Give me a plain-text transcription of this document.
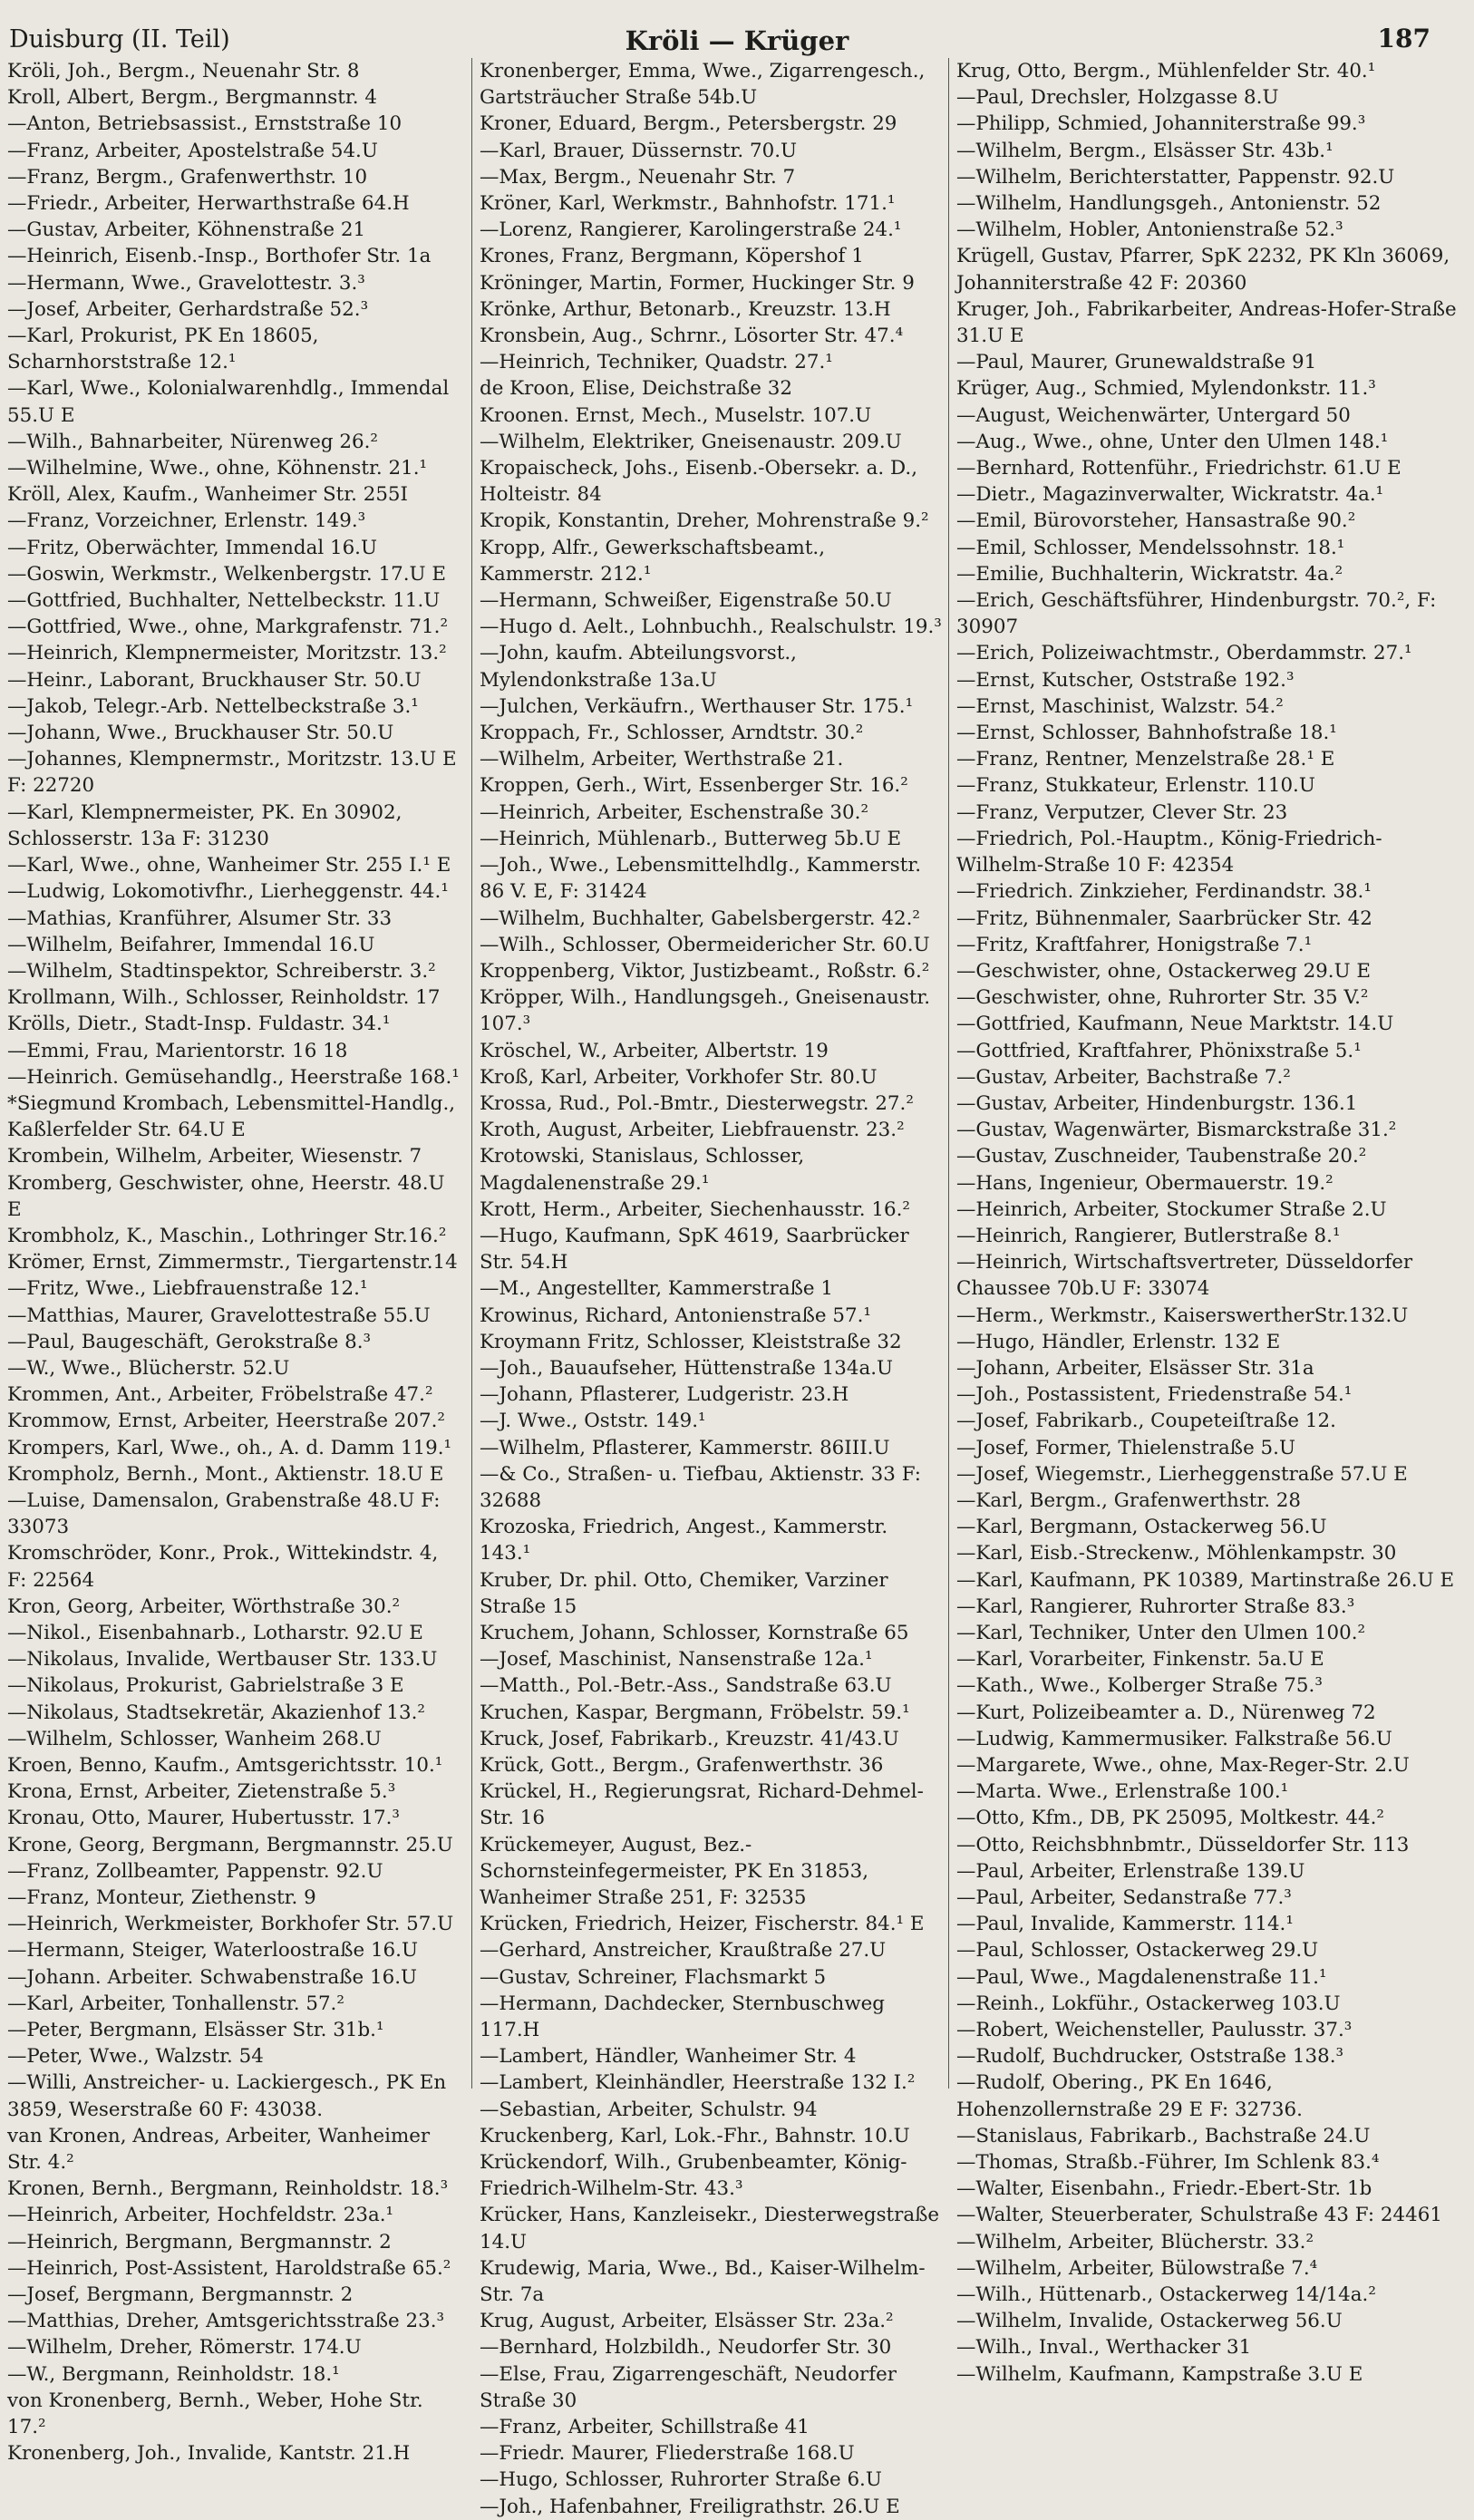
Duisburg (II. Teil)	Kröli — Krüger	187

Kröli, Joh., Bergm., Neuenahr Str. 8

Kroll, Albert, Bergm., Bergmannstr. 4

—Anton, Betriebsassist., Ernststraße 10

—Franz, Arbeiter, Apostelstraße 54.U

—Franz, Bergm., Grafenwerthstr. 10

—Friedr., Arbeiter, Herwarthstraße 64.H

—Gustav, Arbeiter, Köhnenstraße 21

—Heinrich, Eisenb.-Insp., Borthofer Str. 1a

—Hermann, Wwe., Gravelottestr. 3.³

—Josef, Arbeiter, Gerhardstraße 52.³

—Karl, Prokurist, PK En 18605, Scharnhorststraße 12.¹

—Karl, Wwe., Kolonialwarenhdlg., Immendal 55.U E

—Wilh., Bahnarbeiter, Nürenweg 26.²

—Wilhelmine, Wwe., ohne, Köhnenstr. 21.¹

Kröll, Alex, Kaufm., Wanheimer Str. 255I

—Franz, Vorzeichner, Erlenstr. 149.³

—Fritz, Oberwächter, Immendal 16.U

—Goswin, Werkmstr., Welkenbergstr. 17.U E

—Gottfried, Buchhalter, Nettelbeckstr. 11.U

—Gottfried, Wwe., ohne, Markgrafenstr. 71.²

—Heinrich, Klempnermeister, Moritzstr. 13.²

—Heinr., Laborant, Bruckhauser Str. 50.U

—Jakob, Telegr.-Arb. Nettelbeckstraße 3.¹

—Johann, Wwe., Bruckhauser Str. 50.U

—Johannes, Klempnermstr., Moritzstr. 13.U E F: 22720

—Karl, Klempnermeister, PK. En 30902, Schlosserstr. 13a F: 31230

—Karl, Wwe., ohne, Wanheimer Str. 255 I.¹ E

—Ludwig, Lokomotivfhr., Lierheggenstr. 44.¹

—Mathias, Kranführer, Alsumer Str. 33

—Wilhelm, Beifahrer, Immendal 16.U

—Wilhelm, Stadtinspektor, Schreiberstr. 3.²

Krollmann, Wilh., Schlosser, Reinholdstr. 17

Krölls, Dietr., Stadt-Insp. Fuldastr. 34.¹

—Emmi, Frau, Marientorstr. 16 18

—Heinrich. Gemüsehandlg., Heerstraße 168.¹

*Siegmund Krombach, Lebensmittel-Handlg., Kaßlerfelder Str. 64.U E

Krombein, Wilhelm, Arbeiter, Wiesenstr. 7

Kromberg, Geschwister, ohne, Heerstr. 48.U E

Krombholz, K., Maschin., Lothringer Str.16.²

Krömer, Ernst, Zimmermstr., Tiergartenstr.14

—Fritz, Wwe., Liebfrauenstraße 12.¹

—Matthias, Maurer, Gravelottestraße 55.U

—Paul, Baugeschäft, Gerokstraße 8.³

—W., Wwe., Blücherstr. 52.U

Krommen, Ant., Arbeiter, Fröbelstraße 47.²

Krommow, Ernst, Arbeiter, Heerstraße 207.²

Krompers, Karl, Wwe., oh., A. d. Damm 119.¹

Krompholz, Bernh., Mont., Aktienstr. 18.U E

—Luise, Damensalon, Grabenstraße 48.U F: 33073

Kromschröder, Konr., Prok., Wittekindstr. 4, F: 22564

Kron, Georg, Arbeiter, Wörthstraße 30.²

—Nikol., Eisenbahnarb., Lotharstr. 92.U E

—Nikolaus, Invalide, Wertbauser Str. 133.U

—Nikolaus, Prokurist, Gabrielstraße 3 E

—Nikolaus, Stadtsekretär, Akazienhof 13.²

—Wilhelm, Schlosser, Wanheim 268.U

Kroen, Benno, Kaufm., Amtsgerichtsstr. 10.¹

Krona, Ernst, Arbeiter, Zietenstraße 5.³

Kronau, Otto, Maurer, Hubertusstr. 17.³

Krone, Georg, Bergmann, Bergmannstr. 25.U

—Franz, Zollbeamter, Pappenstr. 92.U

—Franz, Monteur, Ziethenstr. 9

—Heinrich, Werkmeister, Borkhofer Str. 57.U

—Hermann, Steiger, Waterloostraße 16.U

—Johann. Arbeiter. Schwabenstraße 16.U

—Karl, Arbeiter, Tonhallenstr. 57.²

—Peter, Bergmann, Elsässer Str. 31b.¹

—Peter, Wwe., Walzstr. 54

—Willi, Anstreicher- u. Lackiergesch., PK En 3859, Weserstraße 60 F: 43038.

van Kronen, Andreas, Arbeiter, Wanheimer Str. 4.²

Kronen, Bernh., Bergmann, Reinholdstr. 18.³

—Heinrich, Arbeiter, Hochfeldstr. 23a.¹

—Heinrich, Bergmann, Bergmannstr. 2

—Heinrich, Post-Assistent, Haroldstraße 65.²

—Josef, Bergmann, Bergmannstr. 2

—Matthias, Dreher, Amtsgerichtsstraße 23.³

—Wilhelm, Dreher, Römerstr. 174.U

—W., Bergmann, Reinholdstr. 18.¹

von Kronenberg, Bernh., Weber, Hohe Str. 17.²

Kronenberg, Joh., Invalide, Kantstr. 21.H

Kronenberger, Emma, Wwe., Zigarrengesch., Gartsträucher Straße 54b.U

Kroner, Eduard, Bergm., Petersbergstr. 29

—Karl, Brauer, Düssernstr. 70.U

—Max, Bergm., Neuenahr Str. 7

Kröner, Karl, Werkmstr., Bahnhofstr. 171.¹

—Lorenz, Rangierer, Karolingerstraße 24.¹

Krones, Franz, Bergmann, Köpershof 1

Kröninger, Martin, Former, Huckinger Str. 9

Krönke, Arthur, Betonarb., Kreuzstr. 13.H

Kronsbein, Aug., Schrnr., Lösorter Str. 47.⁴

—Heinrich, Techniker, Quadstr. 27.¹

de Kroon, Elise, Deichstraße 32

Kroonen. Ernst, Mech., Muselstr. 107.U

—Wilhelm, Elektriker, Gneisenaustr. 209.U

Kropaischeck, Johs., Eisenb.-Obersekr. a. D., Holteistr. 84

Kropik, Konstantin, Dreher, Mohrenstraße 9.²

Kropp, Alfr., Gewerkschaftsbeamt., Kammerstr. 212.¹

—Hermann, Schweißer, Eigenstraße 50.U

—Hugo d. Aelt., Lohnbuchh., Realschulstr. 19.³

—John, kaufm. Abteilungsvorst., Mylendonkstraße 13a.U

—Julchen, Verkäufrn., Werthauser Str. 175.¹

Kroppach, Fr., Schlosser, Arndtstr. 30.²

—Wilhelm, Arbeiter, Werthstraße 21.

Kroppen, Gerh., Wirt, Essenberger Str. 16.²

—Heinrich, Arbeiter, Eschenstraße 30.²

—Heinrich, Mühlenarb., Butterweg 5b.U E

—Joh., Wwe., Lebensmittelhdlg., Kammerstr. 86 V. E, F: 31424

—Wilhelm, Buchhalter, Gabelsbergerstr. 42.²

—Wilh., Schlosser, Obermeidericher Str. 60.U

Kroppenberg, Viktor, Justizbeamt., Roßstr. 6.²

Kröpper, Wilh., Handlungsgeh., Gneisenaustr. 107.³

Kröschel, W., Arbeiter, Albertstr. 19

Kroß, Karl, Arbeiter, Vorkhofer Str. 80.U

Krossa, Rud., Pol.-Bmtr., Diesterwegstr. 27.²

Kroth, August, Arbeiter, Liebfrauenstr. 23.²

Krotowski, Stanislaus, Schlosser, Magdalenenstraße 29.¹

Krott, Herm., Arbeiter, Siechenhausstr. 16.²

—Hugo, Kaufmann, SpK 4619, Saarbrücker Str. 54.H

—M., Angestellter, Kammerstraße 1

Krowinus, Richard, Antonienstraße 57.¹

Kroymann Fritz, Schlosser, Kleiststraße 32

—Joh., Bauaufseher, Hüttenstraße 134a.U

—Johann, Pflasterer, Ludgeristr. 23.H

—J. Wwe., Oststr. 149.¹

—Wilhelm, Pflasterer, Kammerstr. 86III.U

—& Co., Straßen- u. Tiefbau, Aktienstr. 33 F: 32688

Krozoska, Friedrich, Angest., Kammerstr. 143.¹

Kruber, Dr. phil. Otto, Chemiker, Varziner Straße 15

Kruchem, Johann, Schlosser, Kornstraße 65

—Josef, Maschinist, Nansenstraße 12a.¹

—Matth., Pol.-Betr.-Ass., Sandstraße 63.U

Kruchen, Kaspar, Bergmann, Fröbelstr. 59.¹

Kruck, Josef, Fabrikarb., Kreuzstr. 41/43.U

Krück, Gott., Bergm., Grafenwerthstr. 36

Krückel, H., Regierungsrat, Richard-Dehmel-Str. 16

Krückemeyer, August, Bez.-Schornsteinfegermeister, PK En 31853, Wanheimer Straße 251, F: 32535

Krücken, Friedrich, Heizer, Fischerstr. 84.¹ E

—Gerhard, Anstreicher, Kraußtraße 27.U

—Gustav, Schreiner, Flachsmarkt 5

—Hermann, Dachdecker, Sternbuschweg 117.H

—Lambert, Händler, Wanheimer Str. 4

—Lambert, Kleinhändler, Heerstraße 132 I.²

—Sebastian, Arbeiter, Schulstr. 94

Kruckenberg, Karl, Lok.-Fhr., Bahnstr. 10.U

Krückendorf, Wilh., Grubenbeamter, König-Friedrich-Wilhelm-Str. 43.³

Krücker, Hans, Kanzleisekr., Diesterwegstraße 14.U

Krudewig, Maria, Wwe., Bd., Kaiser-Wilhelm-Str. 7a

Krug, August, Arbeiter, Elsässer Str. 23a.²

—Bernhard, Holzbildh., Neudorfer Str. 30

—Else, Frau, Zigarrengeschäft, Neudorfer Straße 30

—Franz, Arbeiter, Schillstraße 41

—Friedr. Maurer, Fliederstraße 168.U

—Hugo, Schlosser, Ruhrorter Straße 6.U

—Joh., Hafenbahner, Freiligrathstr. 26.U E

Krug, Otto, Bergm., Mühlenfelder Str. 40.¹

—Paul, Drechsler, Holzgasse 8.U

—Philipp, Schmied, Johanniterstraße 99.³

—Wilhelm, Bergm., Elsässer Str. 43b.¹

—Wilhelm, Berichterstatter, Pappenstr. 92.U

—Wilhelm, Handlungsgeh., Antonienstr. 52

—Wilhelm, Hobler, Antonienstraße 52.³

Krügell, Gustav, Pfarrer, SpK 2232, PK Kln 36069, Johanniterstraße 42 F: 20360

Kruger, Joh., Fabrikarbeiter, Andreas-Hofer-Straße 31.U E

—Paul, Maurer, Grunewaldstraße 91

Krüger, Aug., Schmied, Mylendonkstr. 11.³

—August, Weichenwärter, Untergard 50

—Aug., Wwe., ohne, Unter den Ulmen 148.¹

—Bernhard, Rottenführ., Friedrichstr. 61.U E

—Dietr., Magazinverwalter, Wickratstr. 4a.¹

—Emil, Bürovorsteher, Hansastraße 90.²

—Emil, Schlosser, Mendelssohnstr. 18.¹

—Emilie, Buchhalterin, Wickratstr. 4a.²

—Erich, Geschäftsführer, Hindenburgstr. 70.², F: 30907

—Erich, Polizeiwachtmstr., Oberdammstr. 27.¹

—Ernst, Kutscher, Oststraße 192.³

—Ernst, Maschinist, Walzstr. 54.²

—Ernst, Schlosser, Bahnhofstraße 18.¹

—Franz, Rentner, Menzelstraße 28.¹ E

—Franz, Stukkateur, Erlenstr. 110.U

—Franz, Verputzer, Clever Str. 23

—Friedrich, Pol.-Hauptm., König-Friedrich-Wilhelm-Straße 10 F: 42354

—Friedrich. Zinkzieher, Ferdinandstr. 38.¹

—Fritz, Bühnenmaler, Saarbrücker Str. 42

—Fritz, Kraftfahrer, Honigstraße 7.¹

—Geschwister, ohne, Ostackerweg 29.U E

—Geschwister, ohne, Ruhrorter Str. 35 V.²

—Gottfried, Kaufmann, Neue Marktstr. 14.U

—Gottfried, Kraftfahrer, Phönixstraße 5.¹

—Gustav, Arbeiter, Bachstraße 7.²

—Gustav, Arbeiter, Hindenburgstr. 136.1

—Gustav, Wagenwärter, Bismarckstraße 31.²

—Gustav, Zuschneider, Taubenstraße 20.²

—Hans, Ingenieur, Obermauerstr. 19.²

—Heinrich, Arbeiter, Stockumer Straße 2.U

—Heinrich, Rangierer, Butlerstraße 8.¹

—Heinrich, Wirtschaftsvertreter, Düsseldorfer Chaussee 70b.U F: 33074

—Herm., Werkmstr., KaiserswertherStr.132.U

—Hugo, Händler, Erlenstr. 132 E

—Johann, Arbeiter, Elsässer Str. 31a

—Joh., Postassistent, Friedenstraße 54.¹

—Josef, Fabrikarb., Coupeteiſtraße 12.

—Josef, Former, Thielenstraße 5.U

—Josef, Wiegemstr., Lierheggenstraße 57.U E

—Karl, Bergm., Grafenwerthstr. 28

—Karl, Bergmann, Ostackerweg 56.U

—Karl, Eisb.-Streckenw., Möhlenkampstr. 30

—Karl, Kaufmann, PK 10389, Martinstraße 26.U E

—Karl, Rangierer, Ruhrorter Straße 83.³

—Karl, Techniker, Unter den Ulmen 100.²

—Karl, Vorarbeiter, Finkenstr. 5a.U E

—Kath., Wwe., Kolberger Straße 75.³

—Kurt, Polizeibeamter a. D., Nürenweg 72

—Ludwig, Kammermusiker. Falkstraße 56.U

—Margarete, Wwe., ohne, Max-Reger-Str. 2.U

—Marta. Wwe., Erlenstraße 100.¹

—Otto, Kfm., DB, PK 25095, Moltkestr. 44.²

—Otto, Reichsbhnbmtr., Düsseldorfer Str. 113

—Paul, Arbeiter, Erlenstraße 139.U

—Paul, Arbeiter, Sedanstraße 77.³

—Paul, Invalide, Kammerstr. 114.¹

—Paul, Schlosser, Ostackerweg 29.U

—Paul, Wwe., Magdalenenstraße 11.¹

—Reinh., Lokführ., Ostackerweg 103.U

—Robert, Weichensteller, Paulusstr. 37.³

—Rudolf, Buchdrucker, Oststraße 138.³

—Rudolf, Obering., PK En 1646, Hohenzollernstraße 29 E F: 32736.

—Stanislaus, Fabrikarb., Bachstraße 24.U

—Thomas, Straßb.-Führer, Im Schlenk 83.⁴

—Walter, Eisenbahn., Friedr.-Ebert-Str. 1b

—Walter, Steuerberater, Schulstraße 43 F: 24461

—Wilhelm, Arbeiter, Blücherstr. 33.²

—Wilhelm, Arbeiter, Bülowstraße 7.⁴

—Wilh., Hüttenarb., Ostackerweg 14/14a.²

—Wilhelm, Invalide, Ostackerweg 56.U

—Wilh., Inval., Werthacker 31

—Wilhelm, Kaufmann, Kampstraße 3.U E
